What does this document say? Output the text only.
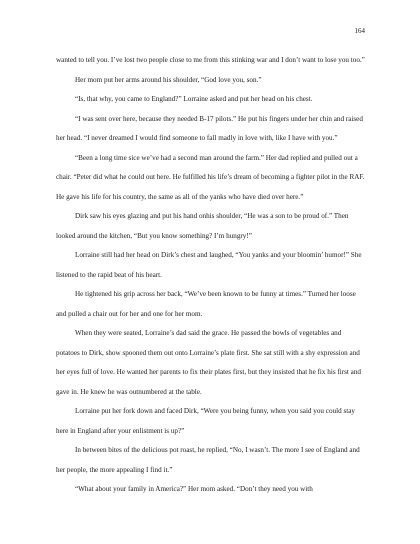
164

wanted to tell you. I’ve lost two people close to me from this stinking war and I don’t want to lose you too.”

Her mom put her arms around his shoulder, “God love you, son.”

“Is, that why, you came to England?” Lorraine asked and put her head on his chest.

“I was sent over here, because they needed B-17 pilots.” He put his fingers under her chin and raised her head. “I never dreamed I would find someone to fall madly in love with, like I have with you.”

“Been a long time sice we’ve had a second man around the farm.” Her dad replied and pulled out a chair. “Peter did what he could out here. He fulfilled his life’s dream of becoming a fighter pilot in the RAF. He gave his life for his country, the same as all of the yanks who have died over here.”

Dirk saw his eyes glazing and put his hand onhis shoulder, “He was a son to be proud of.” Then looked around the kitchen, “But you know something? I’m hungry!”

Lorraine still had her head on Dirk’s chest and laughed, “You yanks and your bloomin’ humor!” She listened to the rapid beat of his heart.

He tightened his grip across her back, “We’ve been known to be funny at times.” Turned her loose and pulled a chair out for her and one for her mom.

When they were seated, Lorraine’s dad said the grace. He passed the bowls of vegetables and potatoes to Dirk, show spooned them out onto Lorraine’s plate first. She sat still with a shy expression and her eyes full of love. He wanted her parents to fix their plates first, but they insisted that he fix his first and gave in. He knew he was outnumbered at the table.

Lorraine put her fork down and faced Dirk, “Were you being funny, when you said you could stay here in England after your enlistment is up?”

In between bites of the delicious pot roast, he replied, “No, I wasn’t. The more I see of England and her people, the more appealing I find it.”

“What about your family in America?” Her mom asked. “Don’t they need you with
